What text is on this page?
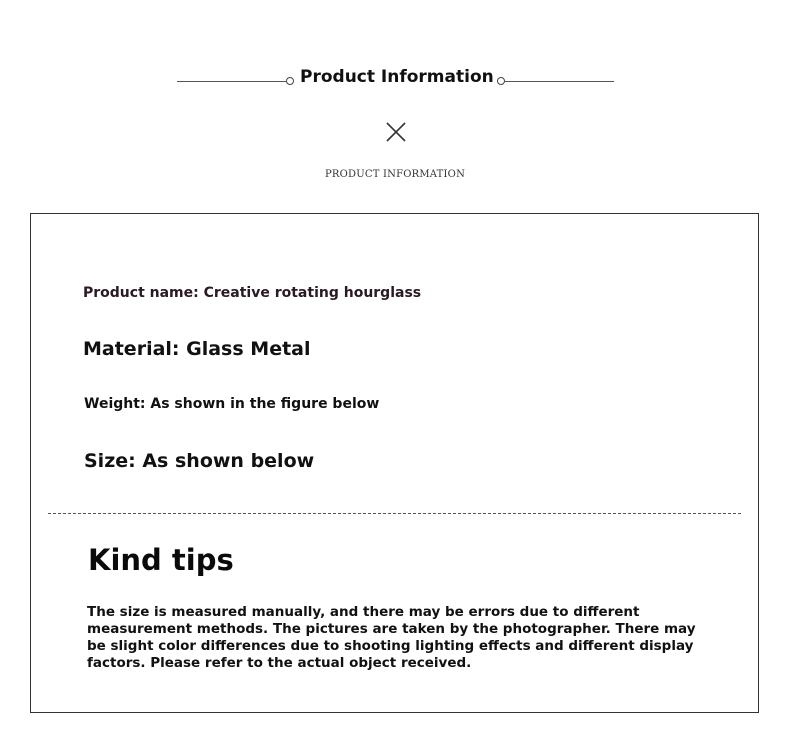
Product Information
PRODUCT INFORMATION
Product name: Creative rotating hourglass
Material: Glass Metal
Weight: As shown in the figure below
Size: As shown below
Kind tips
The size is measured manually, and there may be errors due to different measurement methods. The pictures are taken by the photographer. There may be slight color differences due to shooting lighting effects and different display factors. Please refer to the actual object received.
